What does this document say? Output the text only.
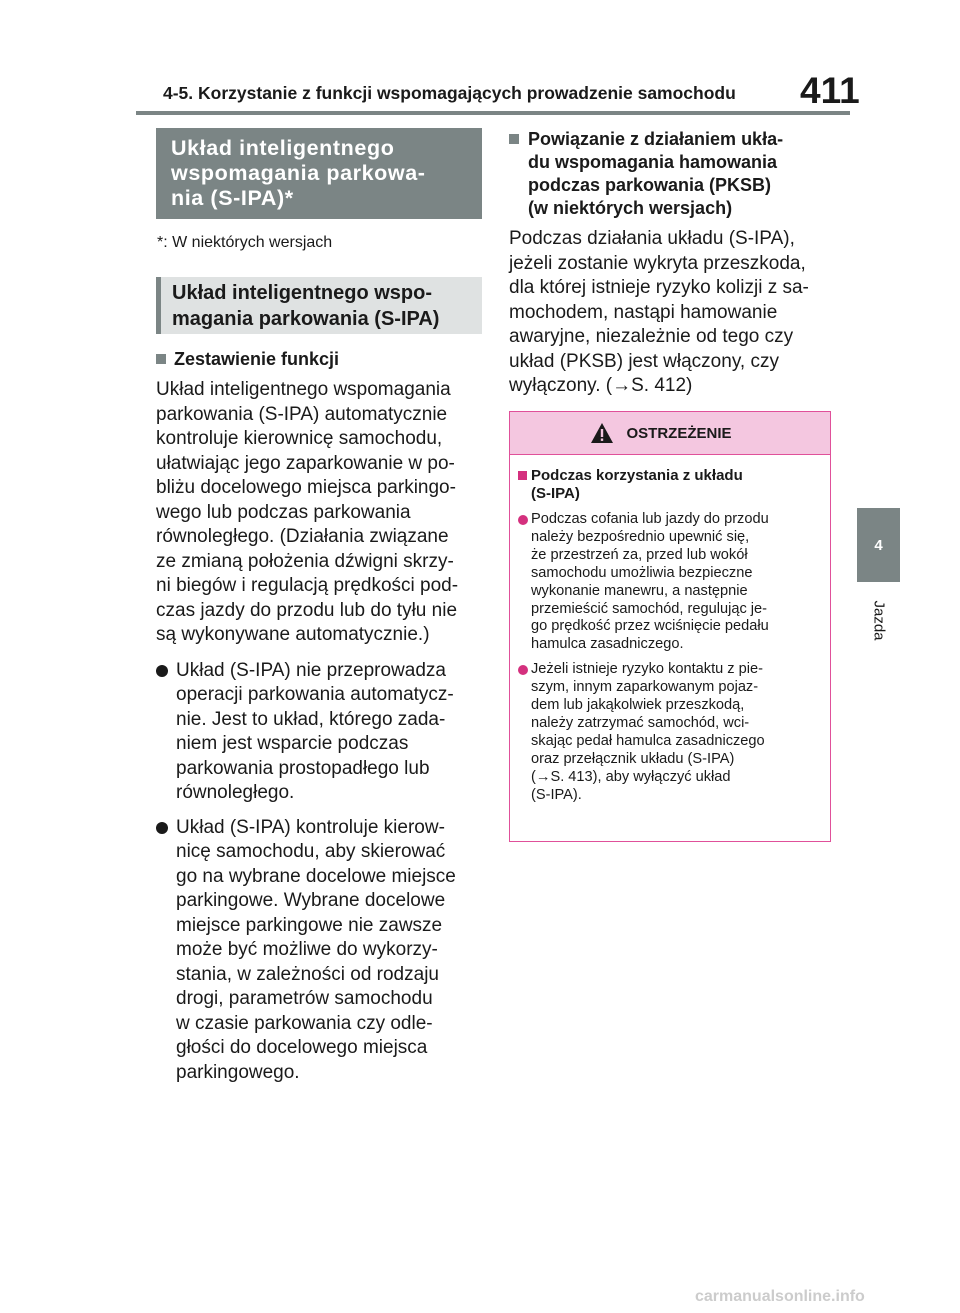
4-5. Korzystanie z funkcji wspomagających prowadzenie samochodu 411
4
Jazda
Układ inteligentnego
wspomagania parkowa-
nia (S-IPA)*
*: W niektórych wersjach
Układ inteligentnego wspo-
magania parkowania (S-IPA)
Zestawienie funkcji
Układ inteligentnego wspomagania
parkowania (S-IPA) automatycznie
kontroluje kierownicę samochodu,
ułatwiając jego zaparkowanie w po-
bliżu docelowego miejsca parkingo-
wego lub podczas parkowania
równoległego. (Działania związane
ze zmianą położenia dźwigni skrzy-
ni biegów i regulacją prędkości pod-
czas jazdy do przodu lub do tyłu nie
są wykonywane automatycznie.)
Układ (S-IPA) nie przeprowadza
operacji parkowania automatycz-
nie. Jest to układ, którego zada-
niem jest wsparcie podczas
parkowania prostopadłego lub
równoległego.
Układ (S-IPA) kontroluje kierow-
nicę samochodu, aby skierować
go na wybrane docelowe miejsce
parkingowe. Wybrane docelowe
miejsce parkingowe nie zawsze
może być możliwe do wykorzy-
stania, w zależności od rodzaju
drogi, parametrów samochodu
w czasie parkowania czy odle-
głości do docelowego miejsca
parkingowego.
Powiązanie z działaniem ukła-
du wspomagania hamowania
podczas parkowania (PKSB)
(w niektórych wersjach)
Podczas działania układu (S-IPA),
jeżeli zostanie wykryta przeszkoda,
dla której istnieje ryzyko kolizji z sa-
mochodem, nastąpi hamowanie
awaryjne, niezależnie od tego czy
układ (PKSB) jest włączony, czy
wyłączony. (→S. 412)
OSTRZEŻENIE
Podczas korzystania z układu
(S-IPA)
Podczas cofania lub jazdy do przodu
należy bezpośrednio upewnić się,
że przestrzeń za, przed lub wokół
samochodu umożliwia bezpieczne
wykonanie manewru, a następnie
przemieścić samochód, regulując je-
go prędkość przez wciśnięcie pedału
hamulca zasadniczego.
Jeżeli istnieje ryzyko kontaktu z pie-
szym, innym zaparkowanym pojaz-
dem lub jakąkolwiek przeszkodą,
należy zatrzymać samochód, wci-
skając pedał hamulca zasadniczego
oraz przełącznik układu (S-IPA)
(→S. 413), aby wyłączyć układ
(S-IPA).
carmanualsonline.info
